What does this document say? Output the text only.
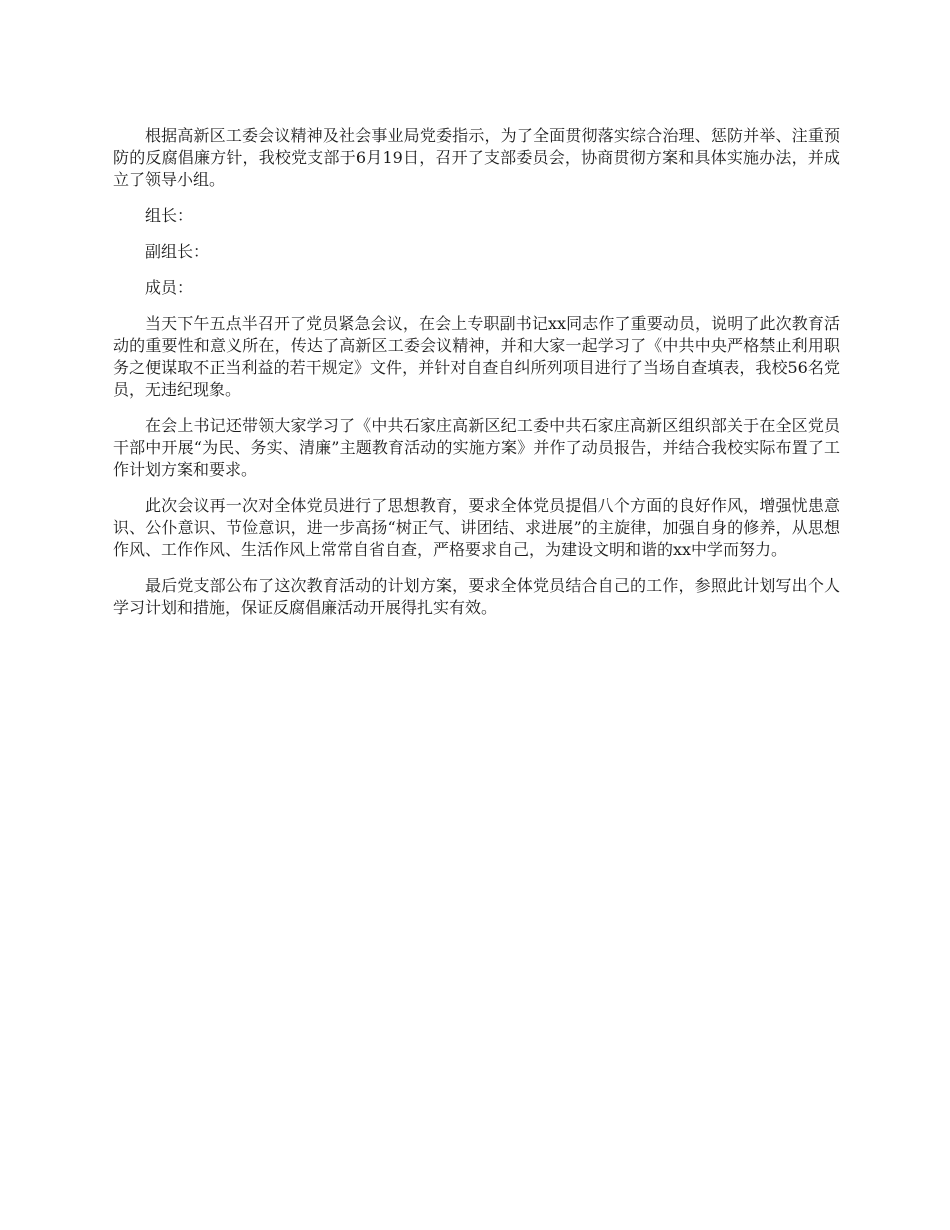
根据高新区工委会议精神及社会事业局党委指示，为了全面贯彻落实综合治理、惩防并举、注重预防的反腐倡廉方针，我校党支部于6月19日，召开了支部委员会，协商贯彻方案和具体实施办法，并成立了领导小组。

组长：

副组长：

成员：

当天下午五点半召开了党员紧急会议，在会上专职副书记xx同志作了重要动员，说明了此次教育活动的重要性和意义所在，传达了高新区工委会议精神，并和大家一起学习了《中共中央严格禁止利用职务之便谋取不正当利益的若干规定》文件，并针对自查自纠所列项目进行了当场自查填表，我校56名党员，无违纪现象。

在会上书记还带领大家学习了《中共石家庄高新区纪工委中共石家庄高新区组织部关于在全区党员干部中开展“为民、务实、清廉”主题教育活动的实施方案》并作了动员报告，并结合我校实际布置了工作计划方案和要求。

此次会议再一次对全体党员进行了思想教育，要求全体党员提倡八个方面的良好作风，增强忧患意识、公仆意识、节俭意识，进一步高扬“树正气、讲团结、求进展”的主旋律，加强自身的修养，从思想作风、工作作风、生活作风上常常自省自查，严格要求自己，为建设文明和谐的xx中学而努力。

最后党支部公布了这次教育活动的计划方案，要求全体党员结合自己的工作，参照此计划写出个人学习计划和措施，保证反腐倡廉活动开展得扎实有效。
